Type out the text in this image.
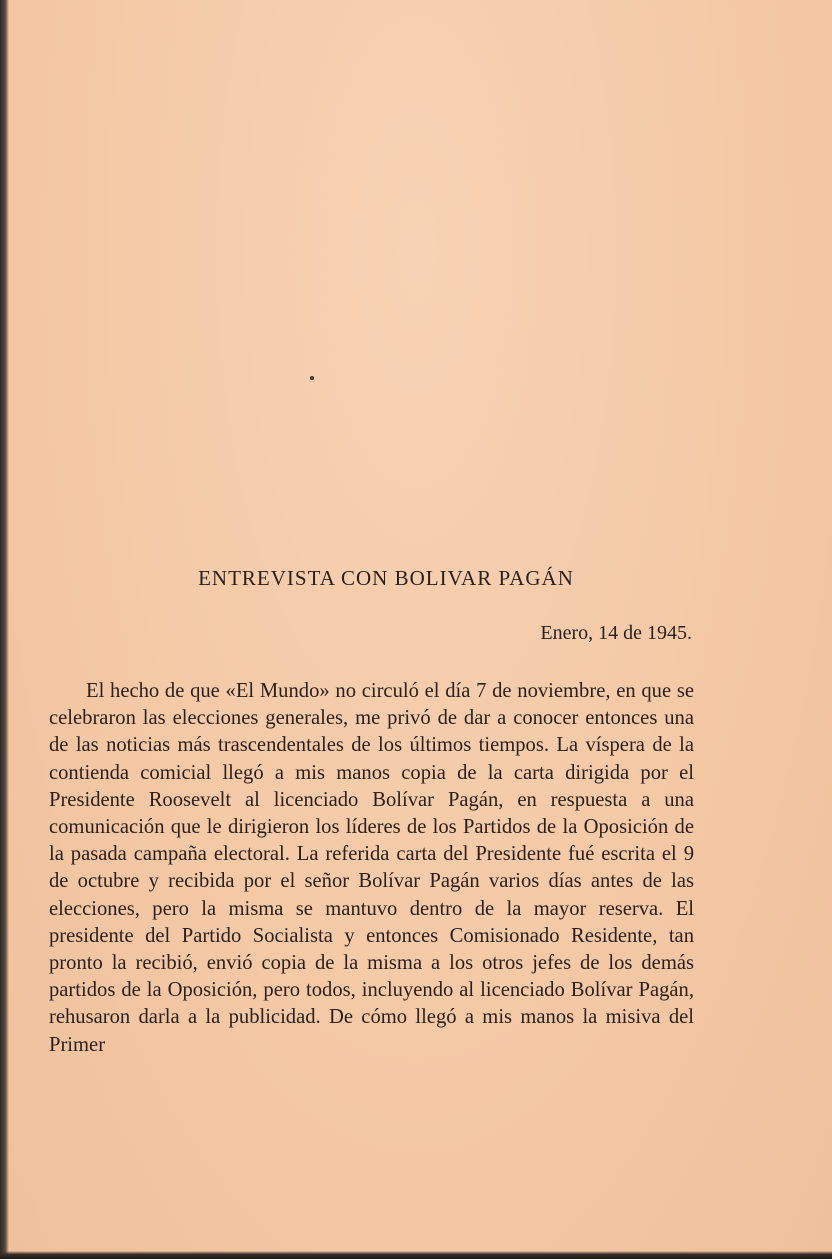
ENTREVISTA CON BOLIVAR PAGÁN

Enero, 14 de 1945.

El hecho de que «El Mundo» no circuló el día 7 de noviembre, en que se celebraron las elecciones generales, me privó de dar a conocer entonces una de las noticias más trascendentales de los últimos tiempos. La víspera de la contienda comicial llegó a mis manos copia de la carta dirigida por el Presidente Roosevelt al licenciado Bolívar Pagán, en respuesta a una comunicación que le dirigieron los líderes de los Partidos de la Oposición de la pasada campaña electoral. La referida carta del Presidente fué escrita el 9 de octubre y recibida por el señor Bolívar Pagán varios días antes de las elecciones, pero la misma se mantuvo dentro de la mayor reserva. El presidente del Partido Socialista y entonces Comisionado Residente, tan pronto la recibió, envió copia de la misma a los otros jefes de los demás partidos de la Oposición, pero todos, incluyendo al licenciado Bolívar Pagán, rehusaron darla a la publicidad. De cómo llegó a mis manos la misiva del Primer
